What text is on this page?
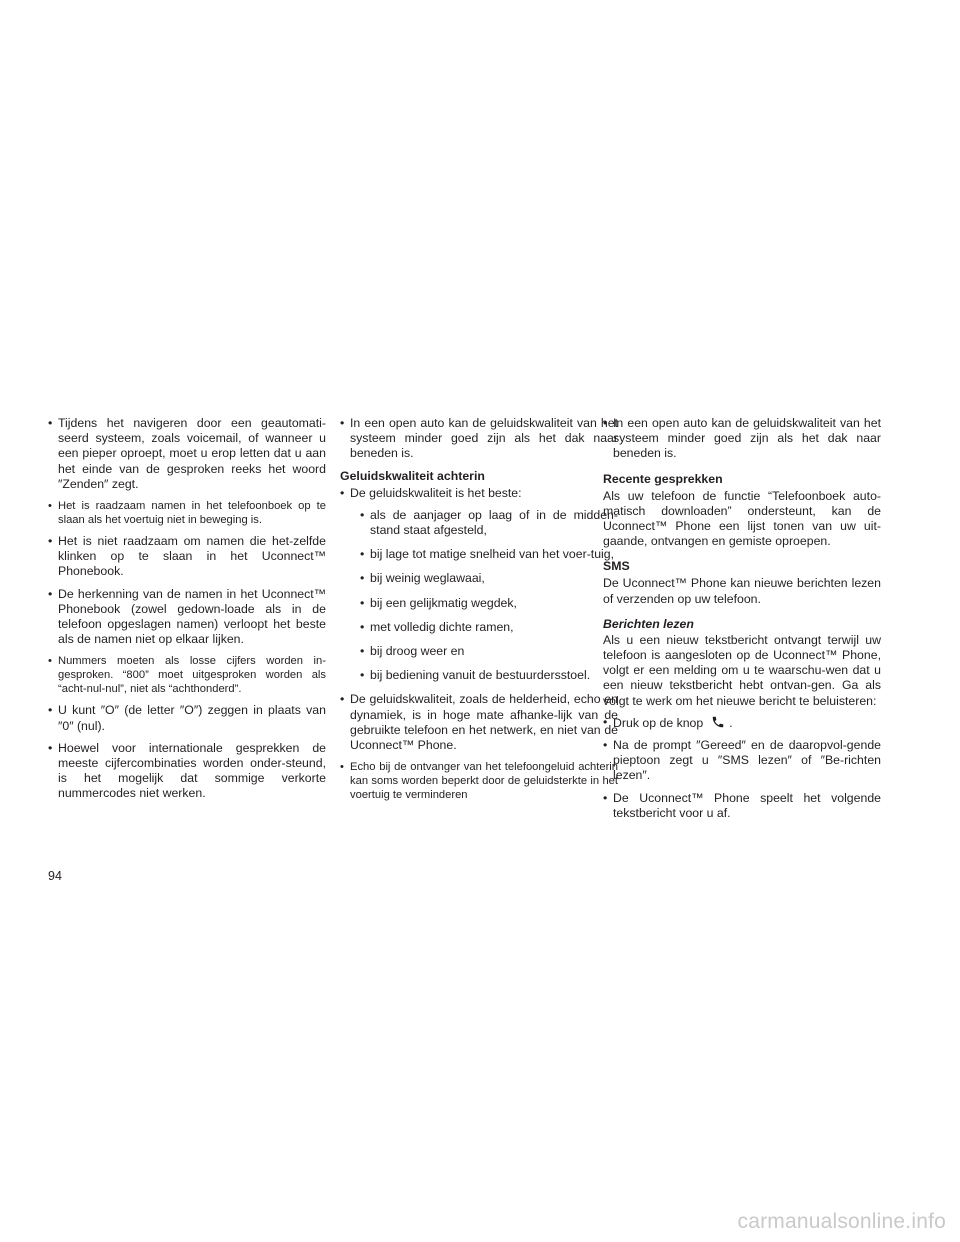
• Tijdens het navigeren door een geautomati-seerd systeem, zoals voicemail, of wanneer u een pieper oproept, moet u erop letten dat u aan het einde van de gesproken reeks het woord ″Zenden″ zegt.
• Het is raadzaam namen in het telefoonboek op te slaan als het voertuig niet in beweging is.
• Het is niet raadzaam om namen die het-zelfde klinken op te slaan in het Uconnect™ Phonebook.
• De herkenning van de namen in het Uconnect™ Phonebook (zowel gedown-loade als in de telefoon opgeslagen namen) verloopt het beste als de namen niet op elkaar lijken.
• Nummers moeten als losse cijfers worden in-gesproken. “800” moet uitgesproken worden als “acht-nul-nul”, niet als “achthonderd”.
• U kunt ″O″ (de letter ″O″) zeggen in plaats van ″0″ (nul).
• Hoewel voor internationale gesprekken de meeste cijfercombinaties worden onder-steund, is het mogelijk dat sommige verkorte nummercodes niet werken.
• In een open auto kan de geluidskwaliteit van het systeem minder goed zijn als het dak naar beneden is.
Geluidskwaliteit achterin
• De geluidskwaliteit is het beste:
• als de aanjager op laag of in de midden-stand staat afgesteld,
• bij lage tot matige snelheid van het voer-tuig,
• bij weinig weglawaai,
• bij een gelijkmatig wegdek,
• met volledig dichte ramen,
• bij droog weer en
• bij bediening vanuit de bestuurdersstoel.
• De geluidskwaliteit, zoals de helderheid, echo en dynamiek, is in hoge mate afhanke-lijk van de gebruikte telefoon en het netwerk, en niet van de Uconnect™ Phone.
• Echo bij de ontvanger van het telefoongeluid achterin kan soms worden beperkt door de geluidsterkte in het voertuig te verminderen
• In een open auto kan de geluidskwaliteit van het systeem minder goed zijn als het dak naar beneden is.
Recente gesprekken

Als uw telefoon de functie “Telefoonboek auto-matisch downloaden” ondersteunt, kan de Uconnect™ Phone een lijst tonen van uw uit-gaande, ontvangen en gemiste oproepen.

SMS

De Uconnect™ Phone kan nieuwe berichten lezen of verzenden op uw telefoon.

Berichten lezen

Als u een nieuw tekstbericht ontvangt terwijl uw telefoon is aangesloten op de Uconnect™ Phone, volgt er een melding om u te waarschu-wen dat u een nieuw tekstbericht hebt ontvan-gen. Ga als volgt te werk om het nieuwe bericht te beluisteren:

• Druk op de knop .
• Na de prompt ″Gereed″ en de daaropvol-gende pieptoon zegt u ″SMS lezen″ of ″Be-richten lezen″.
• De Uconnect™ Phone speelt het volgende tekstbericht voor u af.
94
carmanualsonline.info
